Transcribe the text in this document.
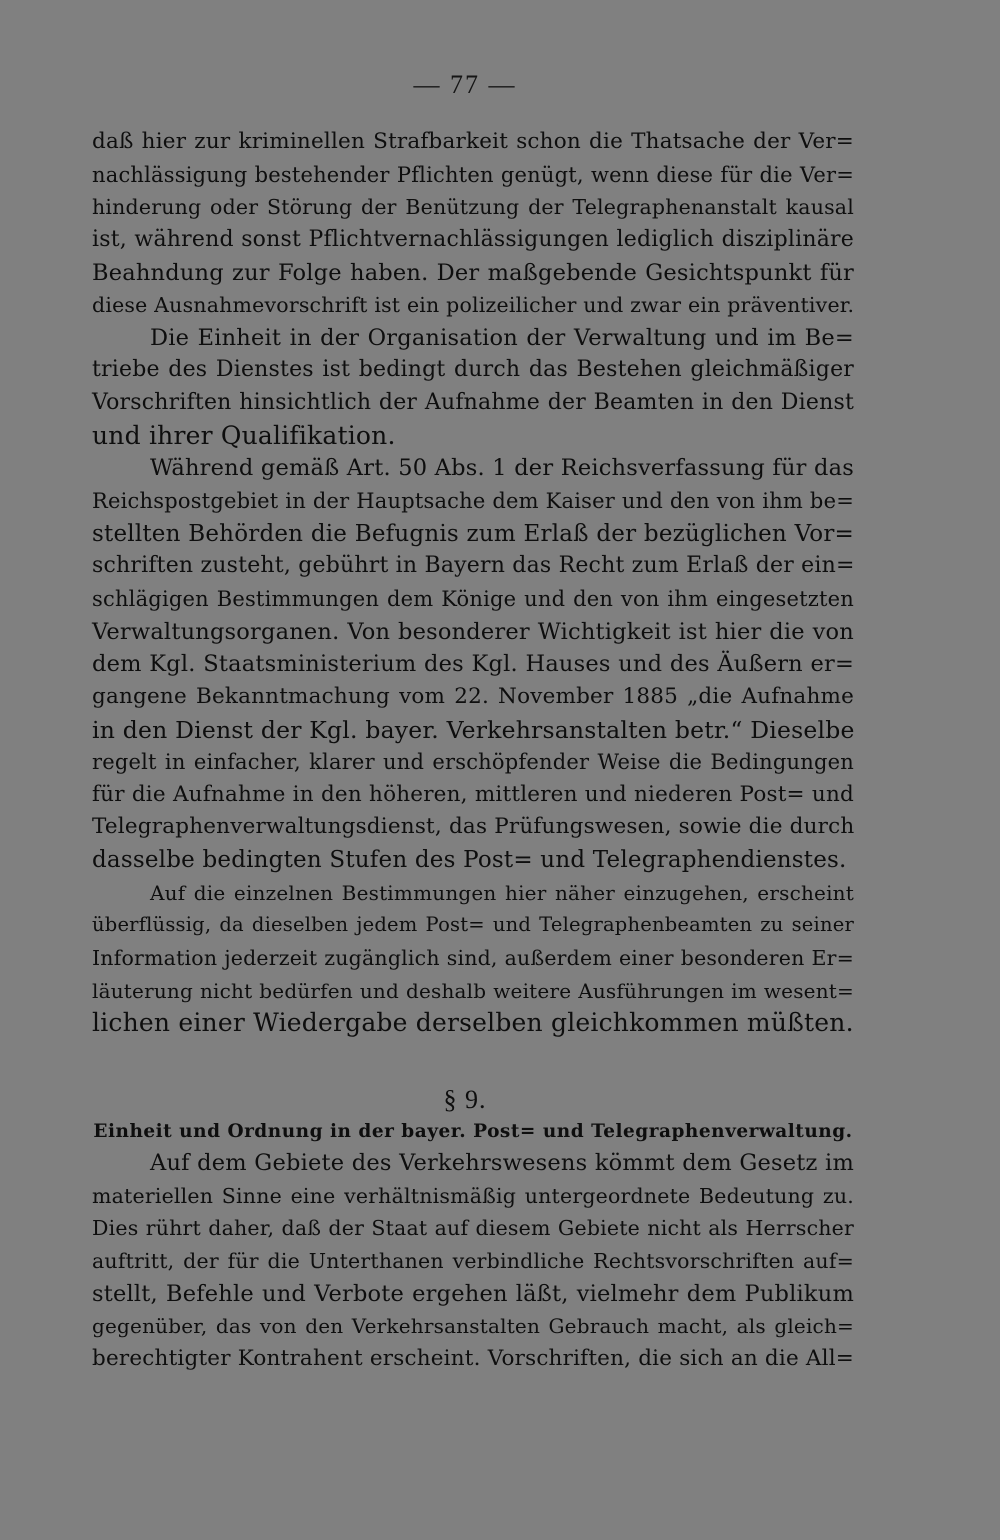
— 77 —
daß hier zur kriminellen Strafbarkeit schon die Thatsache der Ver=
nachlässigung bestehender Pflichten genügt, wenn diese für die Ver=
hinderung oder Störung der Benützung der Telegraphenanstalt kausal
ist, während sonst Pflichtvernachlässigungen lediglich disziplinäre
Beahndung zur Folge haben. Der maßgebende Gesichtspunkt für
diese Ausnahmevorschrift ist ein polizeilicher und zwar ein präventiver.
Die Einheit in der Organisation der Verwaltung und im Be=
triebe des Dienstes ist bedingt durch das Bestehen gleichmäßiger
Vorschriften hinsichtlich der Aufnahme der Beamten in den Dienst
und ihrer Qualifikation.
Während gemäß Art. 50 Abs. 1 der Reichsverfassung für das
Reichspostgebiet in der Hauptsache dem Kaiser und den von ihm be=
stellten Behörden die Befugnis zum Erlaß der bezüglichen Vor=
schriften zusteht, gebührt in Bayern das Recht zum Erlaß der ein=
schlägigen Bestimmungen dem Könige und den von ihm eingesetzten
Verwaltungsorganen. Von besonderer Wichtigkeit ist hier die von
dem Kgl. Staatsministerium des Kgl. Hauses und des Äußern er=
gangene Bekanntmachung vom 22. November 1885 „die Aufnahme
in den Dienst der Kgl. bayer. Verkehrsanstalten betr.“ Dieselbe
regelt in einfacher, klarer und erschöpfender Weise die Bedingungen
für die Aufnahme in den höheren, mittleren und niederen Post= und
Telegraphenverwaltungsdienst, das Prüfungswesen, sowie die durch
dasselbe bedingten Stufen des Post= und Telegraphendienstes.
Auf die einzelnen Bestimmungen hier näher einzugehen, erscheint
überflüssig, da dieselben jedem Post= und Telegraphenbeamten zu seiner
Information jederzeit zugänglich sind, außerdem einer besonderen Er=
läuterung nicht bedürfen und deshalb weitere Ausführungen im wesent=
lichen einer Wiedergabe derselben gleichkommen müßten.
§ 9.
Einheit und Ordnung in der bayer. Post= und Telegraphenverwaltung.
Auf dem Gebiete des Verkehrswesens kömmt dem Gesetz im
materiellen Sinne eine verhältnismäßig untergeordnete Bedeutung zu.
Dies rührt daher, daß der Staat auf diesem Gebiete nicht als Herrscher
auftritt, der für die Unterthanen verbindliche Rechtsvorschriften auf=
stellt, Befehle und Verbote ergehen läßt, vielmehr dem Publikum
gegenüber, das von den Verkehrsanstalten Gebrauch macht, als gleich=
berechtigter Kontrahent erscheint. Vorschriften, die sich an die All=
